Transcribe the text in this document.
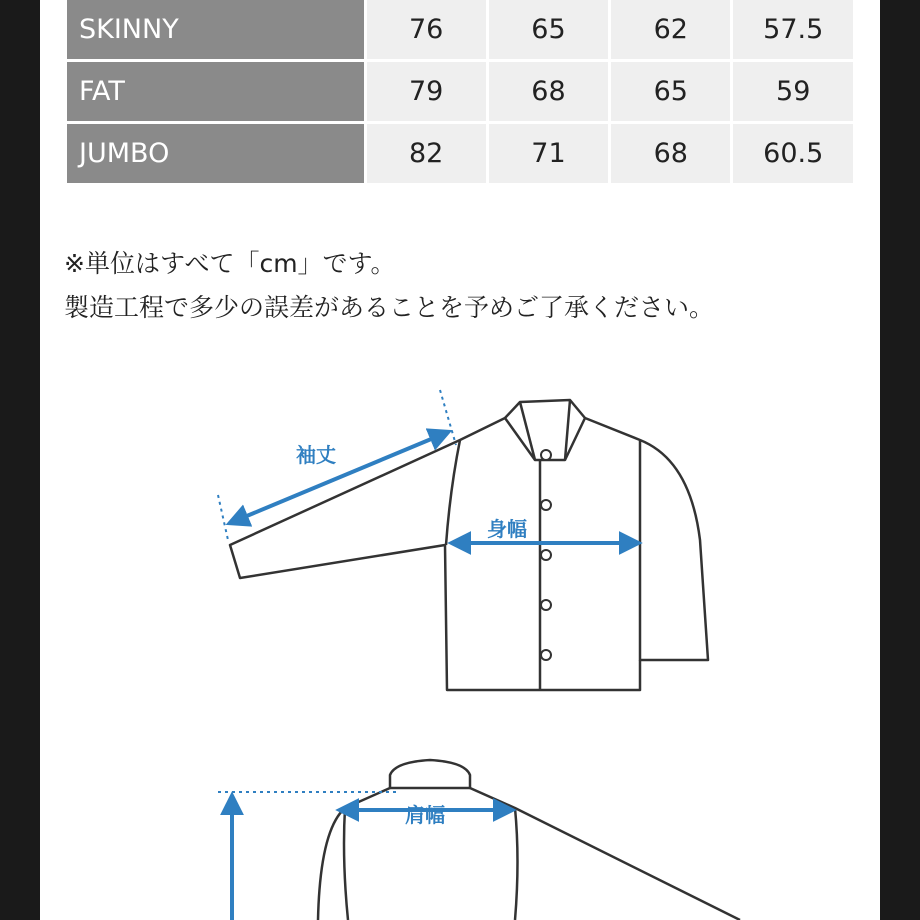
SKINNY	76	65	62	57.5
FAT	79	68	65	59
JUMBO	82	71	68	60.5
※単位はすべて「cm」です。
製造工程で多少の誤差があることを予めご了承ください。
袖丈
身幅
肩幅
